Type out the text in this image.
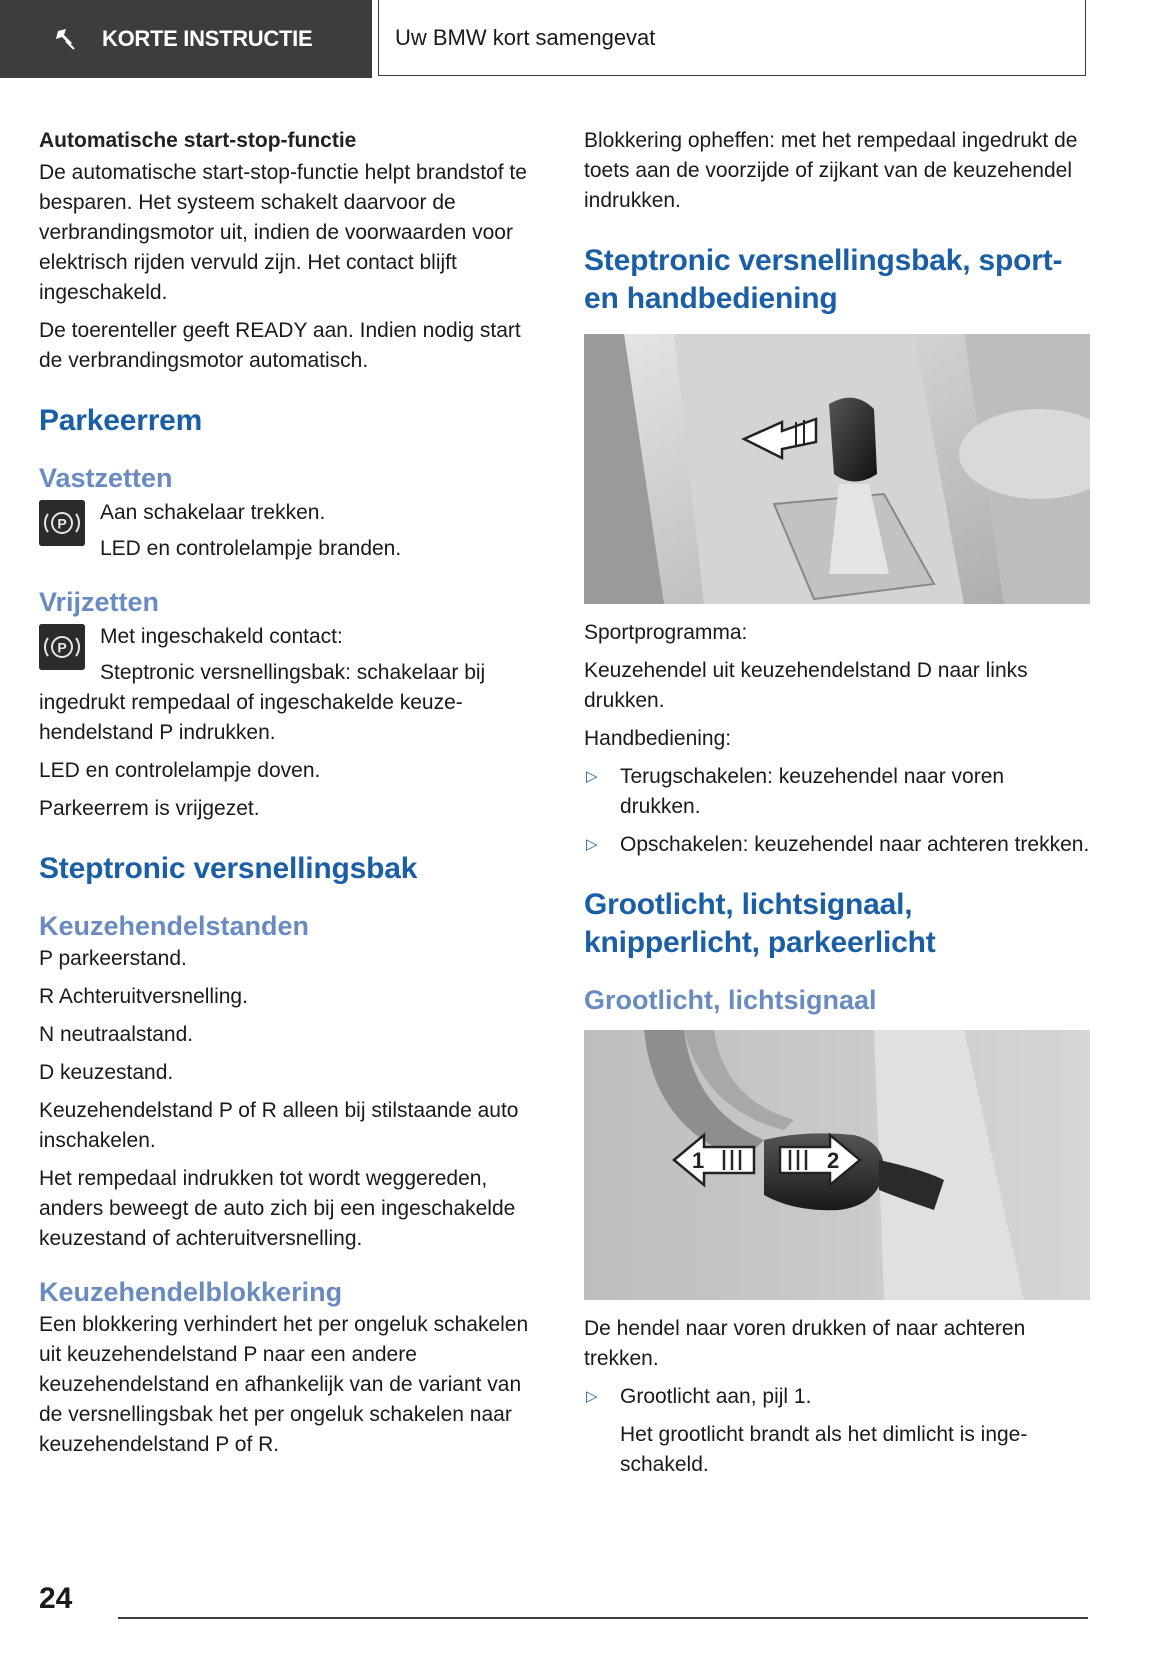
KORTE INSTRUCTIE	Uw BMW kort samengevat
Automatische start-stop-functie

De automatische start-stop-functie helpt brandstof te besparen. Het systeem schakelt daarvoor de verbrandingsmotor uit, indien de voorwaarden voor elektrisch rijden vervuld zijn. Het contact blijft ingeschakeld.

De toerenteller geeft READY aan. Indien nodig start de verbrandingsmotor automatisch.

Parkeerrem
Vastzetten
P Aan schakelaar trekken.

LED en controlelampje branden.

Vrijzetten
P Met ingeschakeld contact:

Steptronic versnellingsbak: schakelaar bij ingedrukt rempedaal of ingeschakelde keuzehendelstand P indrukken.

LED en controlelampje doven.

Parkeerrem is vrijgezet.

Steptronic versnellingsbak
Keuzehendelstanden

P parkeerstand.

R Achteruitversnelling.

N neutraalstand.

D keuzestand.

Keuzehendelstand P of R alleen bij stilstaande auto inschakelen.

Het rempedaal indrukken tot wordt weggereden, anders beweegt de auto zich bij een ingeschakelde keuzestand of achteruitversnelling.

Keuzehendelblokkering

Een blokkering verhindert het per ongeluk schakelen uit keuzehendelstand P naar een andere keuzehendelstand en afhankelijk van de variant van de versnellingsbak het per ongeluk schakelen naar keuzehendelstand P of R.

Blokkering opheffen: met het rempedaal ingedrukt de toets aan de voorzijde of zijkant van de keuzehendel indrukken.

Steptronic versnellingsbak, sport- en handbediening

Sportprogramma:

Keuzehendel uit keuzehendelstand D naar links drukken.

Handbediening:

▷ Terugschakelen: keuzehendel naar voren drukken.
▷ Opschakelen: keuzehendel naar achteren trekken.
Grootlicht, lichtsignaal, knipperlicht, parkeerlicht
Grootlicht, lichtsignaal
1	2

De hendel naar voren drukken of naar achteren trekken.

▷ Grootlicht aan, pijl 1.

Het grootlicht brandt als het dimlicht is ingeschakeld.

24
